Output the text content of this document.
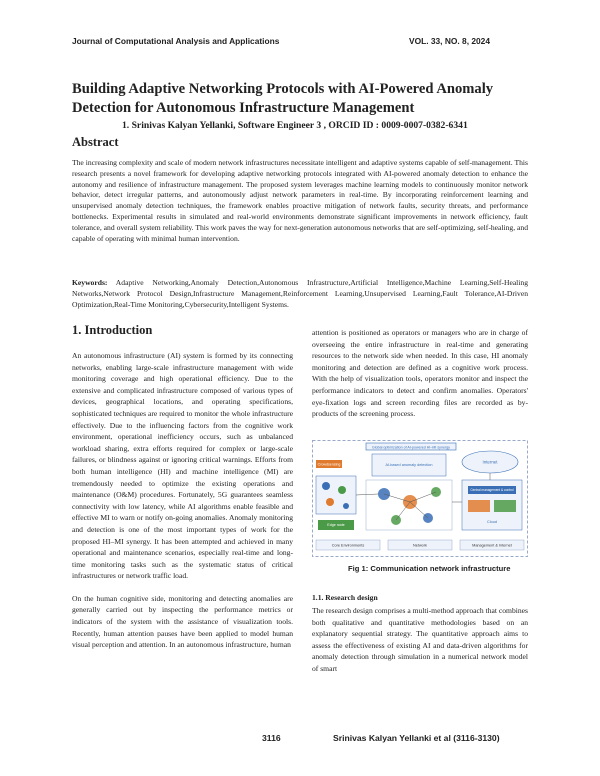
Journal of Computational Analysis and Applications	VOL. 33, NO. 8, 2024
Building Adaptive Networking Protocols with AI-Powered Anomaly Detection for Autonomous Infrastructure Management
1. Srinivas Kalyan Yellanki, Software Engineer 3 , ORCID ID : 0009-0007-0382-6341
Abstract
The increasing complexity and scale of modern network infrastructures necessitate intelligent and adaptive systems capable of self-management. This research presents a novel framework for developing adaptive networking protocols integrated with AI-powered anomaly detection to enhance the autonomy and resilience of infrastructure management. The proposed system leverages machine learning models to continuously monitor network behavior, detect irregular patterns, and autonomously adjust network parameters in real-time. By incorporating reinforcement learning and unsupervised anomaly detection techniques, the framework enables proactive mitigation of network faults, security threats, and performance bottlenecks. Experimental results in simulated and real-world environments demonstrate significant improvements in network efficiency, fault tolerance, and overall system reliability. This work paves the way for next-generation autonomous networks that are self-optimizing, self-healing, and capable of operating with minimal human intervention.
Keywords: Adaptive Networking,Anomaly Detection,Autonomous Infrastructure,Artificial Intelligence,Machine Learning,Self-Healing Networks,Network Protocol Design,Infrastructure Management,Reinforcement Learning,Unsupervised Learning,Fault Tolerance,AI-Driven Optimization,Real-Time Monitoring,Cybersecurity,Intelligent Systems.
1. Introduction

An autonomous infrastructure (AI) system is formed by its connecting networks, enabling large-scale infrastructure management with wide monitoring coverage and high operational efficiency. Due to the extensive and complicated infrastructure composed of various types of devices, geographical locations, and operating specifications, sophisticated techniques are required to monitor the whole infrastructure effectively. Due to the influencing factors from the cognitive work environment, operational inefficiency occurs, such as unbalanced workload sharing, extra efforts required for complex or large-scale failures, or blindness against or ignoring critical warnings. Efforts from both human intelligence (HI) and machine intelligence (MI) are tremendously needed to optimize the existing operations and maintenance (O&M) procedures. Fortunately, 5G guarantees seamless connectivity with low latency, while AI algorithms enable feasible and effective MI to warn or notify on-going anomalies. Anomaly monitoring and detection is one of the most important types of work for the proposed HI–MI synergy. It has been attempted and achieved in many operational and maintenance scenarios, especially real-time and long-time monitoring tasks such as the systematic status of critical infrastructures or network traffic load.

On the human cognitive side, monitoring and detecting anomalies are generally carried out by inspecting the performance metrics or indicators of the system with the assistance of visualization tools. Recently, human attention pauses have been applied to model human visual perception and attention. In an autonomous infrastructure, human

attention is positioned as operators or managers who are in charge of overseeing the entire infrastructure in real-time and generating resources to the network side when needed. In this case, HI anomaly monitoring and detection are defined as a cognitive work process. With the help of visualization tools, operators monitor and inspect the performance indicators to detect and confirm anomalies. Operators' eye-fixation logs and screen recording files are recorded as by-products of the screening process.

Global optimization of AI-powered HI–MI synergy
Crowdsensing
Edge node
AI-based anomaly detection
Internet
Central management & control
Cloud
Core Environments	Network	Management & Internet
Fig 1: Communication network infrastructure
1.1. Research design

The research design comprises a multi-method approach that combines both qualitative and quantitative methodologies based on an explanatory sequential strategy. The quantitative approach aims to assess the effectiveness of existing AI and data-driven algorithms for anomaly detection through simulation in a numerical network model of smart

3116	Srinivas Kalyan Yellanki et al (3116-3130)
